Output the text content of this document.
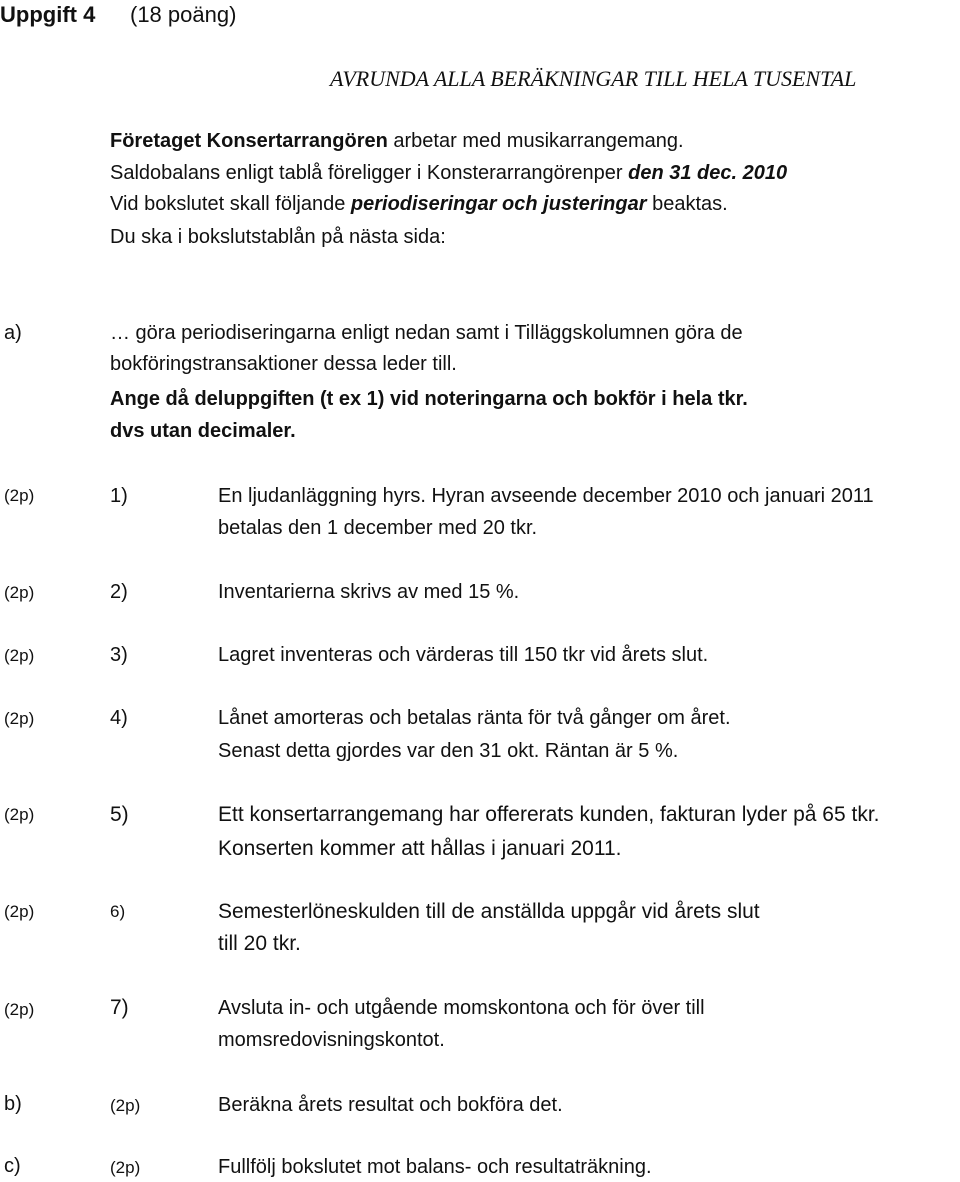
Uppgift 4 (18 poäng)
AVRUNDA ALLA BERÄKNINGAR TILL HELA TUSENTAL
Företaget Konsertarrangören arbetar med musikarrangemang.
Saldobalans enligt tablå föreligger i Konsterarrangörenper den 31 dec. 2010
Vid bokslutet skall följande periodiseringar och justeringar beaktas.
Du ska i bokslutstablån på nästa sida:
a)	… göra periodiseringarna enligt nedan samt i Tilläggskolumnen göra de
bokföringstransaktioner dessa leder till.
Ange då deluppgiften (t ex 1) vid noteringarna och bokför i hela tkr.
dvs utan decimaler.
(2p)	1)	En ljudanläggning hyrs. Hyran avseende december 2010 och januari 2011
betalas den 1 december med 20 tkr.
(2p)	2)	Inventarierna skrivs av med 15 %.
(2p)	3)	Lagret inventeras och värderas till 150 tkr vid årets slut.
(2p)	4)	Lånet amorteras och betalas ränta för två gånger om året.
Senast detta gjordes var den 31 okt. Räntan är 5 %.
(2p)	5)	Ett konsertarrangemang har offererats kunden, fakturan lyder på 65 tkr.
Konserten kommer att hållas i januari 2011.
(2p)	6)	Semesterlöneskulden till de anställda uppgår vid årets slut
till 20 tkr.
(2p)	7)	Avsluta in- och utgående momskontona och för över till
momsredovisningskontot.
b)	(2p)	Beräkna årets resultat och bokföra det.
c)	(2p)	Fullfölj bokslutet mot balans- och resultaträkning.
